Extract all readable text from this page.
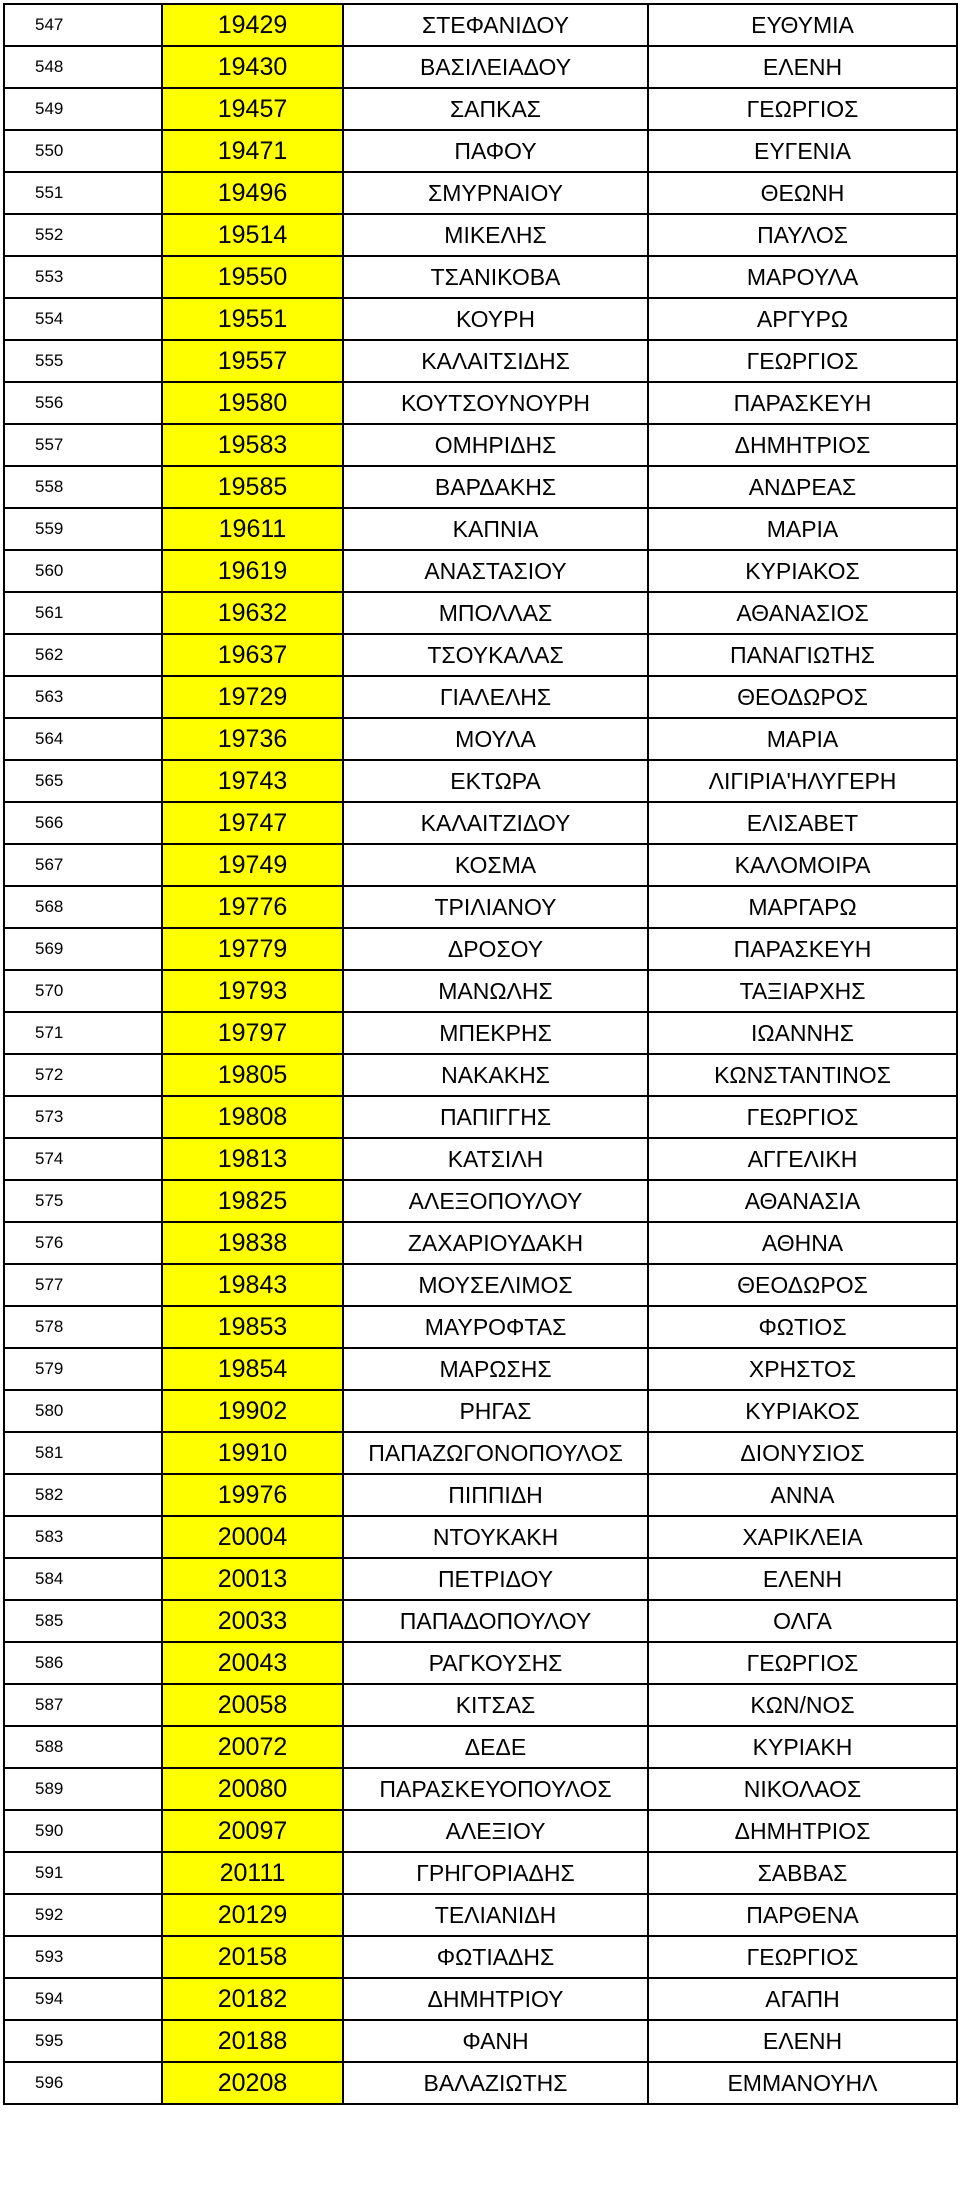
547	19429	ΣΤΕΦΑΝΙΔΟΥ	ΕΥΘΥΜΙΑ
548	19430	ΒΑΣΙΛΕΙΑΔΟΥ	ΕΛΕΝΗ
549	19457	ΣΑΠΚΑΣ	ΓΕΩΡΓΙΟΣ
550	19471	ΠΑΦΟΥ	ΕΥΓΕΝΙΑ
551	19496	ΣΜΥΡΝΑΙΟΥ	ΘΕΩΝΗ
552	19514	ΜΙΚΕΛΗΣ	ΠΑΥΛΟΣ
553	19550	ΤΣΑΝΙΚΟΒΑ	ΜΑΡΟΥΛΑ
554	19551	ΚΟΥΡΗ	ΑΡΓΥΡΩ
555	19557	ΚΑΛΑΙΤΣΙΔΗΣ	ΓΕΩΡΓΙΟΣ
556	19580	ΚΟΥΤΣΟΥΝΟΥΡΗ	ΠΑΡΑΣΚΕΥΗ
557	19583	ΟΜΗΡΙΔΗΣ	ΔΗΜΗΤΡΙΟΣ
558	19585	ΒΑΡΔΑΚΗΣ	ΑΝΔΡΕΑΣ
559	19611	ΚΑΠΝΙΑ	ΜΑΡΙΑ
560	19619	ΑΝΑΣΤΑΣΙΟΥ	ΚΥΡΙΑΚΟΣ
561	19632	ΜΠΟΛΛΑΣ	ΑΘΑΝΑΣΙΟΣ
562	19637	ΤΣΟΥΚΑΛΑΣ	ΠΑΝΑΓΙΩΤΗΣ
563	19729	ΓΙΑΛΕΛΗΣ	ΘΕΟΔΩΡΟΣ
564	19736	ΜΟΥΛΑ	ΜΑΡΙΑ
565	19743	ΕΚΤΩΡΑ	ΛΙΓΙΡΙΑ'ΗΛΥΓΕΡΗ
566	19747	ΚΑΛΑΙΤΖΙΔΟΥ	ΕΛΙΣΑΒΕΤ
567	19749	ΚΟΣΜΑ	ΚΑΛΟΜΟΙΡΑ
568	19776	ΤΡΙΛΙΑΝΟΥ	ΜΑΡΓΑΡΩ
569	19779	ΔΡΟΣΟΥ	ΠΑΡΑΣΚΕΥΗ
570	19793	ΜΑΝΩΛΗΣ	ΤΑΞΙΑΡΧΗΣ
571	19797	ΜΠΕΚΡΗΣ	ΙΩΑΝΝΗΣ
572	19805	ΝΑΚΑΚΗΣ	ΚΩΝΣΤΑΝΤΙΝΟΣ
573	19808	ΠΑΠΙΓΓΗΣ	ΓΕΩΡΓΙΟΣ
574	19813	ΚΑΤΣΙΛΗ	ΑΓΓΕΛΙΚΗ
575	19825	ΑΛΕΞΟΠΟΥΛΟΥ	ΑΘΑΝΑΣΙΑ
576	19838	ΖΑΧΑΡΙΟΥΔΑΚΗ	ΑΘΗΝΑ
577	19843	ΜΟΥΣΕΛΙΜΟΣ	ΘΕΟΔΩΡΟΣ
578	19853	ΜΑΥΡΟΦΤΑΣ	ΦΩΤΙΟΣ
579	19854	ΜΑΡΩΣΗΣ	ΧΡΗΣΤΟΣ
580	19902	ΡΗΓΑΣ	ΚΥΡΙΑΚΟΣ
581	19910	ΠΑΠΑΖΩΓΟΝΟΠΟΥΛΟΣ	ΔΙΟΝΥΣΙΟΣ
582	19976	ΠΙΠΠΙΔΗ	ΑΝΝΑ
583	20004	ΝΤΟΥΚΑΚΗ	ΧΑΡΙΚΛΕΙΑ
584	20013	ΠΕΤΡΙΔΟΥ	ΕΛΕΝΗ
585	20033	ΠΑΠΑΔΟΠΟΥΛΟΥ	ΟΛΓΑ
586	20043	ΡΑΓΚΟΥΣΗΣ	ΓΕΩΡΓΙΟΣ
587	20058	ΚΙΤΣΑΣ	ΚΩΝ/ΝΟΣ
588	20072	ΔΕΔΕ	ΚΥΡΙΑΚΗ
589	20080	ΠΑΡΑΣΚΕΥΟΠΟΥΛΟΣ	ΝΙΚΟΛΑΟΣ
590	20097	ΑΛΕΞΙΟΥ	ΔΗΜΗΤΡΙΟΣ
591	20111	ΓΡΗΓΟΡΙΑΔΗΣ	ΣΑΒΒΑΣ
592	20129	ΤΕΛΙΑΝΙΔΗ	ΠΑΡΘΕΝΑ
593	20158	ΦΩΤΙΑΔΗΣ	ΓΕΩΡΓΙΟΣ
594	20182	ΔΗΜΗΤΡΙΟΥ	ΑΓΑΠΗ
595	20188	ΦΑΝΗ	ΕΛΕΝΗ
596	20208	ΒΑΛΑΖΙΩΤΗΣ	ΕΜΜΑΝΟΥΗΛ
